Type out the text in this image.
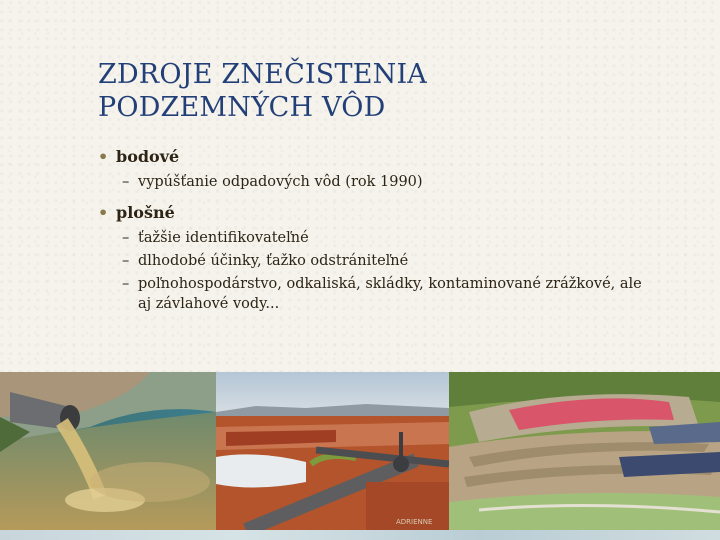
ZDROJE ZNEČISTENIA
PODZEMNÝCH VÔD
• bodové
– vypúšťanie odpadových vôd (rok 1990)
• plošné
– ťažšie identifikovateľné
– dlhodobé účinky, ťažko odstrániteľné
– poľnohospodárstvo, odkaliská, skládky, kontaminované zrážkové, ale aj závlahové vody...
ADRIENNE
